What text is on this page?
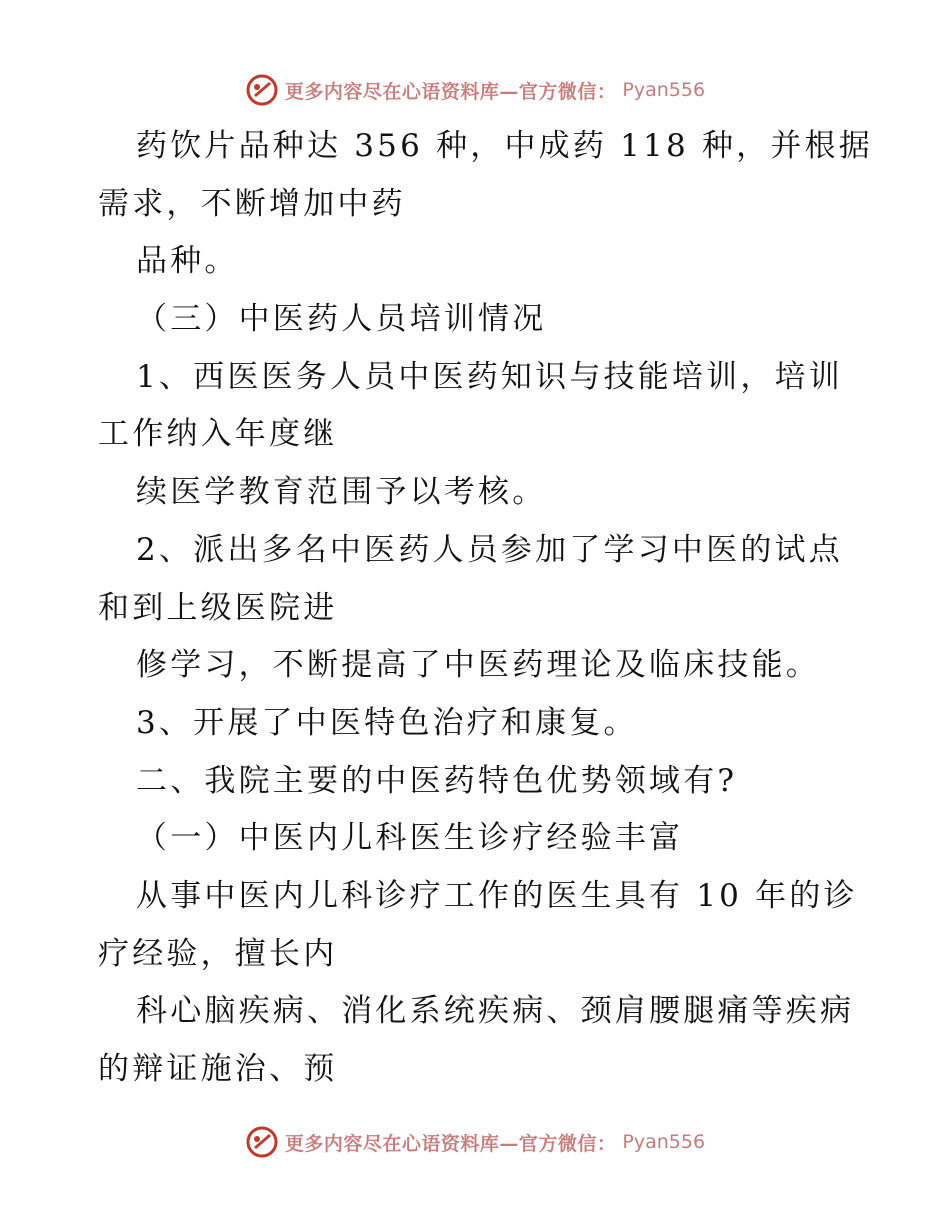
更多内容尽在心语资料库—官方微信： Pyan556
药饮片品种达 356 种，中成药 118 种，并根据
需求，不断增加中药
品种。
（三）中医药人员培训情况
1、西医医务人员中医药知识与技能培训，培训
工作纳入年度继
续医学教育范围予以考核。
2、派出多名中医药人员参加了学习中医的试点
和到上级医院进
修学习，不断提高了中医药理论及临床技能。
3、开展了中医特色治疗和康复。
二、我院主要的中医药特色优势领域有?
（一）中医内儿科医生诊疗经验丰富
从事中医内儿科诊疗工作的医生具有 10 年的诊
疗经验，擅长内
科心脑疾病、消化系统疾病、颈肩腰腿痛等疾病
的辩证施治、预
更多内容尽在心语资料库—官方微信： Pyan556
